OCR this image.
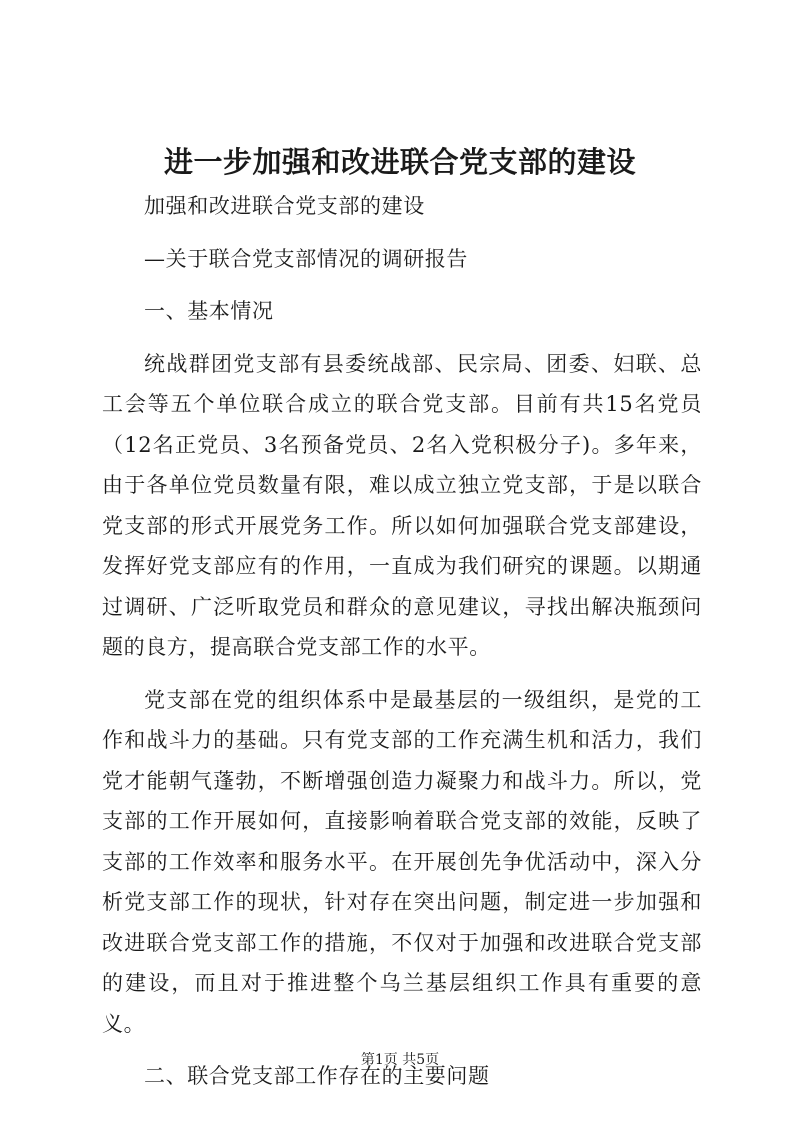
进一步加强和改进联合党支部的建设

加强和改进联合党支部的建设

—关于联合党支部情况的调研报告

一、基本情况

统战群团党支部有县委统战部、民宗局、团委、妇联、总工会等五个单位联合成立的联合党支部。目前有共15名党员（12名正党员、3名预备党员、2名入党积极分子)。多年来，由于各单位党员数量有限，难以成立独立党支部，于是以联合党支部的形式开展党务工作。所以如何加强联合党支部建设，发挥好党支部应有的作用，一直成为我们研究的课题。以期通过调研、广泛听取党员和群众的意见建议，寻找出解决瓶颈问题的良方，提高联合党支部工作的水平。

党支部在党的组织体系中是最基层的一级组织，是党的工作和战斗力的基础。只有党支部的工作充满生机和活力，我们党才能朝气蓬勃，不断增强创造力凝聚力和战斗力。所以，党支部的工作开展如何，直接影响着联合党支部的效能，反映了支部的工作效率和服务水平。在开展创先争优活动中，深入分析党支部工作的现状，针对存在突出问题，制定进一步加强和改进联合党支部工作的措施，不仅对于加强和改进联合党支部的建设，而且对于推进整个乌兰基层组织工作具有重要的意义。

二、联合党支部工作存在的主要问题

第1页 共5页
